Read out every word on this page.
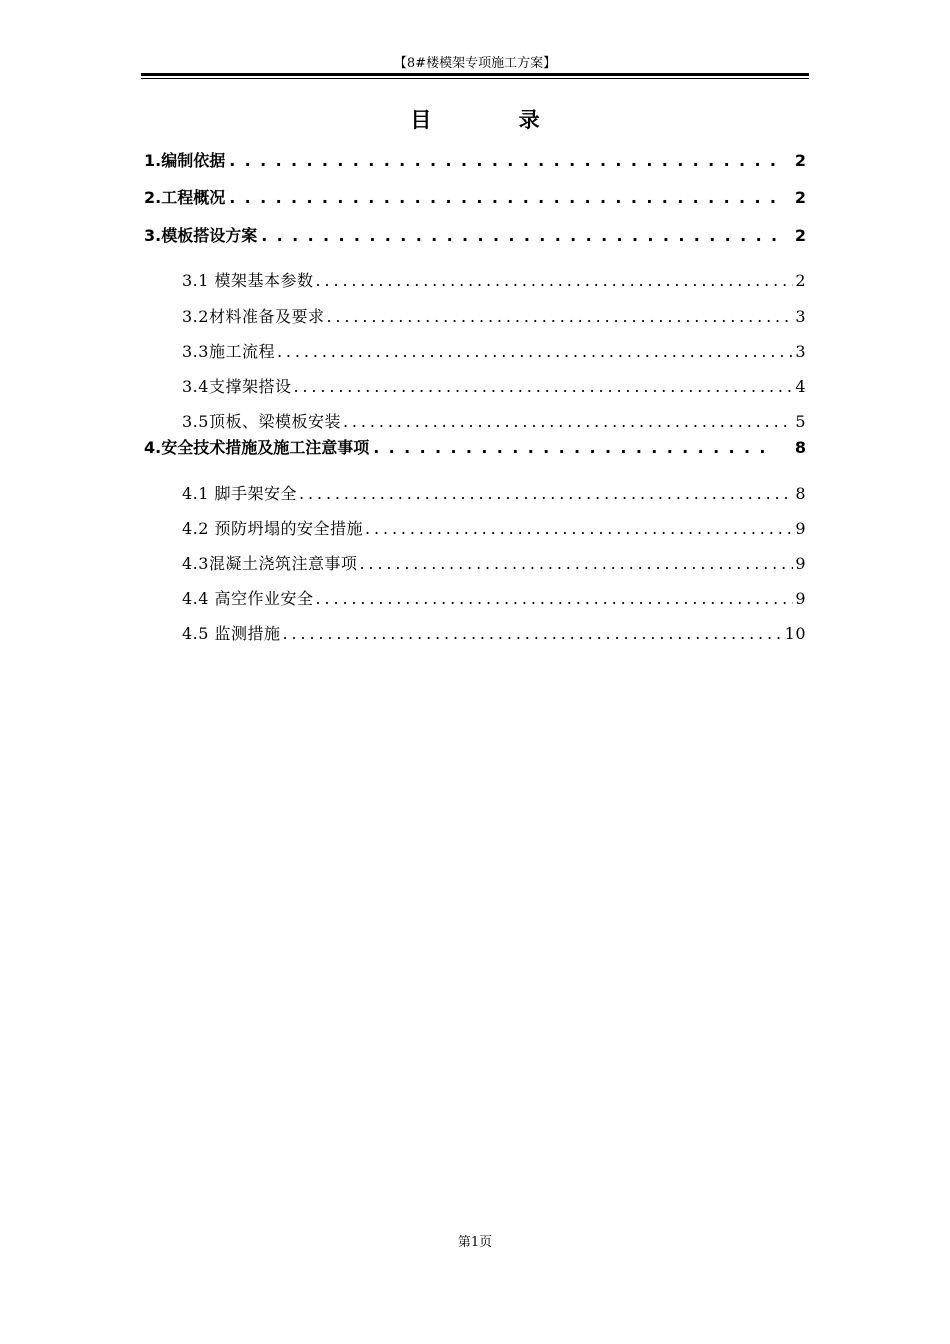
【8#楼模架专项施工方案】
目 录
1.编制依据 . . .	2
2.工程概况 . . .	2
3.模板搭设方案 . . .	2
3.1 模架基本参数 . . .	2
3.2材料准备及要求 . . .	3
3.3施工流程 . . .	3
3.4支撑架搭设 . . .	4
3.5顶板、梁模板安装 . . .	5
4.安全技术措施及施工注意事项 . . .	8
4.1 脚手架安全 . . .	8
4.2 预防坍塌的安全措施 . . .	9
4.3混凝土浇筑注意事项 . . .	9
4.4 高空作业安全 . . .	9
4.5 监测措施 . . .	10
第1页
